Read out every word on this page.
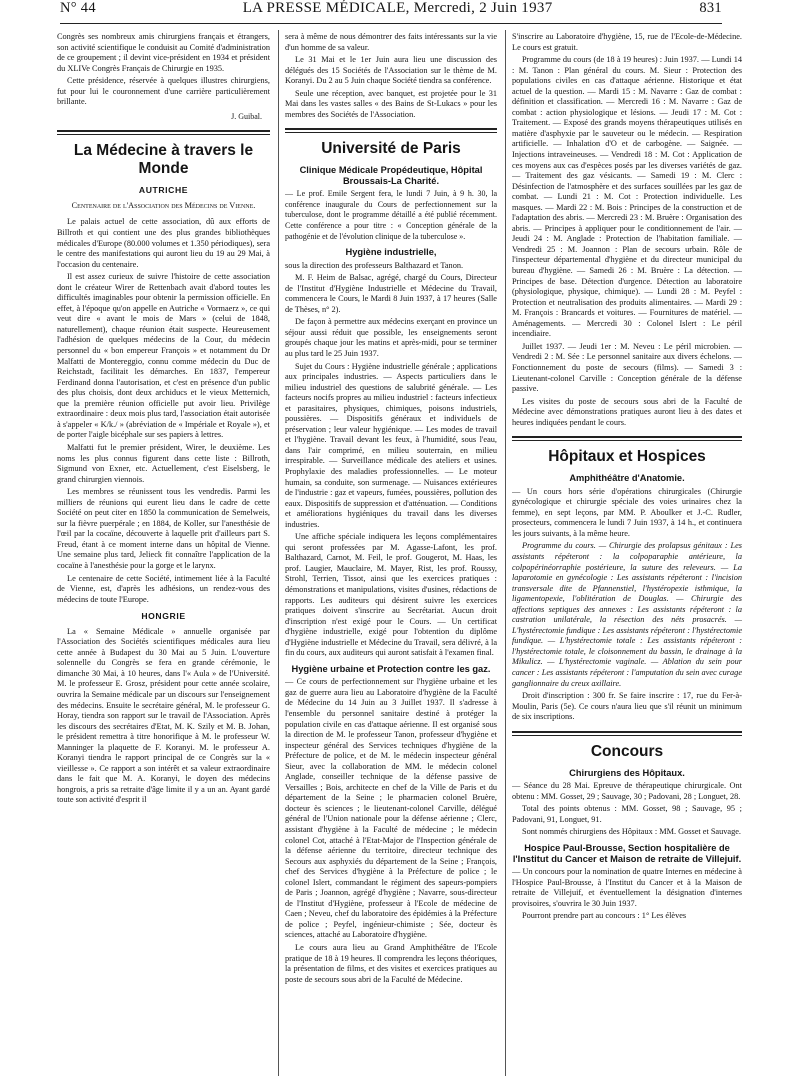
N° 44	LA PRESSE MÉDICALE, Mercredi, 2 Juin 1937	831

Congrès ses nombreux amis chirurgiens français et étrangers, son activité scientifique le conduisit au Comité d'administration de ce groupement ; il devint vice-président en 1934 et président du XLIVe Congrès Français de Chirurgie en 1935.

Cette présidence, réservée à quelques illustres chirurgiens, fut pour lui le couronnement d'une carrière particulièrement brillante.

J. Guibal.
La Médecine à travers le Monde
AUTRICHE

Centenaire de l'Association des Médecins de Vienne.

Le palais actuel de cette association, dû aux efforts de Billroth et qui contient une des plus grandes bibliothèques médicales d'Europe (80.000 volumes et 1.350 périodiques), sera le centre des manifestations qui auront lieu du 19 au 29 Mai, à l'occasion du centenaire.

Il est assez curieux de suivre l'histoire de cette association dont le créateur Wirer de Rettenbach avait d'abord toutes les difficultés imaginables pour obtenir la permission officielle. En effet, à l'époque qu'on appelle en Autriche « Vormaerz », ce qui veut dire « avant le mois de Mars » (celui de 1848, naturellement), chaque réunion était suspecte. Heureusement l'adhésion de quelques médecins de la Cour, du médecin personnel du « bon empereur François » et notamment du Dr Malfatti de Montereggio, connu comme médecin du Duc de Reichstadt, facilitait les démarches. En 1837, l'empereur Ferdinand donna l'autorisation, et c'est en présence d'un public des plus choisis, dont deux archiducs et le vieux Metternich, que la première réunion officielle put avoir lieu. Privilège extraordinaire : deux mois plus tard, l'association était autorisée à s'appeler « K/k./ » (abréviation de « Impériale et Royale »), et de porter l'aigle bicéphale sur ses papiers à lettres.

Malfatti fut le premier président, Wirer, le deuxième. Les noms les plus connus figurent dans cette liste : Billroth, Sigmund von Exner, etc. Actuellement, c'est Eiselsberg, le grand chirurgien viennois.

Les membres se réunissent tous les vendredis. Parmi les milliers de réunions qui eurent lieu dans le cadre de cette Société on peut citer en 1850 la communication de Semelweis, sur la fièvre puerpérale ; en 1884, de Koller, sur l'anesthésie de l'œil par la cocaïne, découverte à laquelle prit d'ailleurs part S. Freud, étant à ce moment interne dans un hôpital de Vienne. Une semaine plus tard, Jelieck fit connaître l'application de la cocaïne à l'anesthésie pour la gorge et le larynx.

Le centenaire de cette Société, intimement liée à la Faculté de Vienne, est, d'après les adhésions, un rendez-vous des médecins de toute l'Europe.

HONGRIE

La « Semaine Médicale » annuelle organisée par l'Association des Sociétés scientifiques médicales aura lieu cette année à Budapest du 30 Mai au 5 Juin. L'ouverture solennelle du Congrès se fera en grande cérémonie, le dimanche 30 Mai, à 10 heures, dans l'« Aula » de l'Université. M. le professeur E. Grosz, président pour cette année scolaire, ouvrira la Semaine médicale par un discours sur l'enseignement des médecins. Ensuite le secrétaire général, M. le professeur G. Horay, tiendra son rapport sur le travail de l'Association. Après les discours des secrétaires d'Etat, M. K. Szily et M. B. Johan, le président remettra à titre honorifique à M. le professeur W. Manninger la plaquette de F. Koranyi. M. le professeur A. Koranyi tiendra le rapport principal de ce Congrès sur la « vieillesse ». Ce rapport a son intérêt et sa valeur extraordinaire dans le fait que M. A. Koranyi, le doyen des médecins hongrois, a pris sa retraite d'âge limite il y a un an. Ayant gardé toute son activité d'esprit il

sera à même de nous démontrer des faits intéressants sur la vie d'un homme de sa valeur.

Le 31 Mai et le 1er Juin aura lieu une discussion des délégués des 15 Sociétés de l'Association sur le thème de M. Koranyi. Du 2 au 5 Juin chaque Société tiendra sa conférence.

Seule une réception, avec banquet, est projetée pour le 31 Mai dans les vastes salles « des Bains de St-Lukacs » pour les membres des Sociétés de l'Association.

Université de Paris
Clinique Médicale Propédeutique, Hôpital Broussais-La Charité.

— Le prof. Emile Sergent fera, le lundi 7 Juin, à 9 h. 30, la conférence inaugurale du Cours de perfectionnement sur la tuberculose, dont le programme détaillé a été publié récemment. Cette conférence a pour titre : « Conception générale de la pathogénie et de l'évolution clinique de la tuberculose ».

Hygiène industrielle,

sous la direction des professeurs Balthazard et Tanon.

M. F. Heim de Balsac, agrégé, chargé du Cours, Directeur de l'Institut d'Hygiène Industrielle et Médecine du Travail, commencera le Cours, le Mardi 8 Juin 1937, à 17 heures (Salle de Thèses, n° 2).

De façon à permettre aux médecins exerçant en province un séjour aussi réduit que possible, les enseignements seront groupés chaque jour les matins et après-midi, pour se terminer au plus tard le 25 Juin 1937.

Sujet du Cours : Hygiène industrielle générale ; applications aux principales industries. — Aspects particuliers dans le milieu industriel des questions de salubrité générale. — Les facteurs nocifs propres au milieu industriel : facteurs infectieux et parasitaires, physiques, chimiques, poisons industriels, poussières. — Dispositifs généraux et individuels de préservation ; leur valeur hygiénique. — Les modes de travail et l'hygiène. Travail devant les feux, à l'humidité, sous l'eau, dans l'air comprimé, en milieu souterrain, en milieu irrespirable. — Surveillance médicale des ateliers et usines. Prophylaxie des maladies professionnelles. — Le moteur humain, sa conduite, son surmenage. — Nuisances extérieures de l'industrie : gaz et vapeurs, fumées, poussières, pollution des eaux. Dispositifs de suppression et d'atténuation. — Conditions et améliorations hygiéniques du travail dans les diverses industries.

Une affiche spéciale indiquera les leçons complémentaires qui seront professées par M. Agasse-Lafont, les prof. Balthazard, Carnot, M. Feil, le prof. Gougerot, M. Haas, les prof. Laugier, Mauclaire, M. Mayer, Rist, les prof. Roussy, Strohl, Terrien, Tissot, ainsi que les exercices pratiques : démonstrations et manipulations, visites d'usines, rédactions de rapports. Les auditeurs qui désirent suivre les exercices pratiques doivent s'inscrire au Secrétariat. Aucun droit d'inscription n'est exigé pour le Cours. — Un certificat d'hygiène industrielle, exigé pour l'obtention du diplôme d'Hygiène industrielle et Médecine du Travail, sera délivré, à la fin du cours, aux auditeurs qui auront satisfait à l'examen final.

Hygiène urbaine et Protection contre les gaz.

— Ce cours de perfectionnement sur l'hygiène urbaine et les gaz de guerre aura lieu au Laboratoire d'hygiène de la Faculté de Médecine du 14 Juin au 3 Juillet 1937. Il s'adresse à l'ensemble du personnel sanitaire destiné à protéger la population civile en cas d'attaque aérienne. Il est organisé sous la direction de M. le professeur Tanon, professeur d'hygiène et inspecteur général des Services techniques d'hygiène de la Préfecture de police, et de M. le médecin inspecteur général Sieur, avec la collaboration de MM. le médecin colonel Anglade, conseiller technique de la défense passive de Versailles ; Bois, architecte en chef de la Ville de Paris et du département de la Seine ; le pharmacien colonel Bruère, docteur ès sciences ; le lieutenant-colonel Carville, délégué général de l'Union nationale pour la défense aérienne ; Clerc, assistant d'hygiène à la Faculté de médecine ; le médecin colonel Cot, attaché à l'Etat-Major de l'Inspection générale de la défense aérienne du territoire, directeur technique des Secours aux asphyxiés du département de la Seine ; François, chef des Services d'hygiène à la Préfecture de police ; le colonel Islert, commandant le régiment des sapeurs-pompiers de Paris ; Joannon, agrégé d'hygiène ; Navarre, sous-directeur de l'Institut d'Hygiène, professeur à l'Ecole de médecine de Caen ; Neveu, chef du laboratoire des épidémies à la Préfecture de police ; Peyfel, ingénieur-chimiste ; Sée, docteur ès sciences, attaché au Laboratoire d'hygiène.

Le cours aura lieu au Grand Amphithéâtre de l'Ecole pratique de 18 à 19 heures. Il comprendra les leçons théoriques, la présentation de films, et des visites et exercices pratiques au poste de secours sous abri de la Faculté de Médecine.

S'inscrire au Laboratoire d'hygiène, 15, rue de l'Ecole-de-Médecine. Le cours est gratuit.

Programme du cours (de 18 à 19 heures) : Juin 1937. — Lundi 14 : M. Tanon : Plan général du cours. M. Sieur : Protection des populations civiles en cas d'attaque aérienne. Historique et état actuel de la question. — Mardi 15 : M. Navarre : Gaz de combat : définition et classification. — Mercredi 16 : M. Navarre : Gaz de combat : action physiologique et lésions. — Jeudi 17 : M. Cot : Traitement. — Exposé des grands moyens thérapeutiques utilisés en matière d'asphyxie par le sauveteur ou le médecin. — Respiration artificielle. — Inhalation d'O et de carbogène. — Saignée. — Injections intraveineuses. — Vendredi 18 : M. Cot : Application de ces moyens aux cas d'espèces posés par les diverses variétés de gaz. — Traitement des gaz vésicants. — Samedi 19 : M. Clerc : Désinfection de l'atmosphère et des surfaces souillées par les gaz de combat. — Lundi 21 : M. Cot : Protection individuelle. Les masques. — Mardi 22 : M. Bois : Principes de la construction et de l'adaptation des abris. — Mercredi 23 : M. Bruère : Organisation des abris. — Principes à appliquer pour le conditionnement de l'air. — Jeudi 24 : M. Anglade : Protection de l'habitation familiale. — Vendredi 25 : M. Joannon : Plan de secours urbain. Rôle de l'inspecteur départemental d'hygiène et du directeur municipal du bureau d'hygiène. — Samedi 26 : M. Bruère : La détection. — Principes de base. Détection d'urgence. Détection au laboratoire (physiologique, physique, chimique). — Lundi 28 : M. Peyfel : Protection et neutralisation des produits alimentaires. — Mardi 29 : M. François : Brancards et voitures. — Fournitures de matériel. — Aménagements. — Mercredi 30 : Colonel Islert : Le péril incendiaire.

Juillet 1937. — Jeudi 1er : M. Neveu : Le péril microbien. — Vendredi 2 : M. Sée : Le personnel sanitaire aux divers échelons. — Fonctionnement du poste de secours (films). — Samedi 3 : Lieutenant-colonel Carville : Conception générale de la défense passive.

Les visites du poste de secours sous abri de la Faculté de Médecine avec démonstrations pratiques auront lieu à des dates et heures indiquées pendant le cours.

Hôpitaux et Hospices
Amphithéâtre d'Anatomie.

— Un cours hors série d'opérations chirurgicales (Chirurgie gynécologique et chirurgie spéciale des voies urinaires chez la femme), en sept leçons, par MM. P. Aboulker et J.-C. Rudler, prosecteurs, commencera le lundi 7 Juin 1937, à 14 h., et continuera les jours suivants, à la même heure.

Programme du cours. — Chirurgie des prolapsus génitaux : Les assistants répéteront : la colpoparaphie antérieure, la colpopérinéorraphie postérieure, la suture des releveurs. — La laparotomie en gynécologie : Les assistants répéteront : l'incision transversale dite de Pfannenstiel, l'hystéropexie isthmique, la ligamentopexie, l'oblitération de Douglas. — Chirurgie des affections septiques des annexes : Les assistants répéteront : la castration unilatérale, la résection des néts prosacrés. — L'hystérectomie fundique : Les assistants répéteront : l'hystérectomie fundique. — L'hystérectomie totale : Les assistants répéteront : l'hystérectomie totale, le cloisonnement du bassin, le drainage à la Mikulicz. — L'hystérectomie vaginale. — Ablation du sein pour cancer : Les assistants répéteront : l'amputation du sein avec curage ganglionnaire du creux axillaire.

Droit d'inscription : 300 fr. Se faire inscrire : 17, rue du Fer-à-Moulin, Paris (5e). Ce cours n'aura lieu que s'il réunit un minimum de six inscriptions.

Concours
Chirurgiens des Hôpitaux.

— Séance du 28 Mai. Epreuve de thérapeutique chirurgicale. Ont obtenu : MM. Gosset, 29 ; Sauvage, 30 ; Padovani, 28 ; Longuet, 28.

Total des points obtenus : MM. Gosset, 98 ; Sauvage, 95 ; Padovani, 91, Longuet, 91.

Sont nommés chirurgiens des Hôpitaux : MM. Gosset et Sauvage.

Hospice Paul-Brousse, Section hospitalière de l'Institut du Cancer et Maison de retraite de Villejuif.

— Un concours pour la nomination de quatre Internes en médecine à l'Hospice Paul-Brousse, à l'Institut du Cancer et à la Maison de retraite de Villejuif, et éventuellement la désignation d'internes provisoires, s'ouvrira le 30 Juin 1937.

Pourront prendre part au concours : 1° Les élèves
